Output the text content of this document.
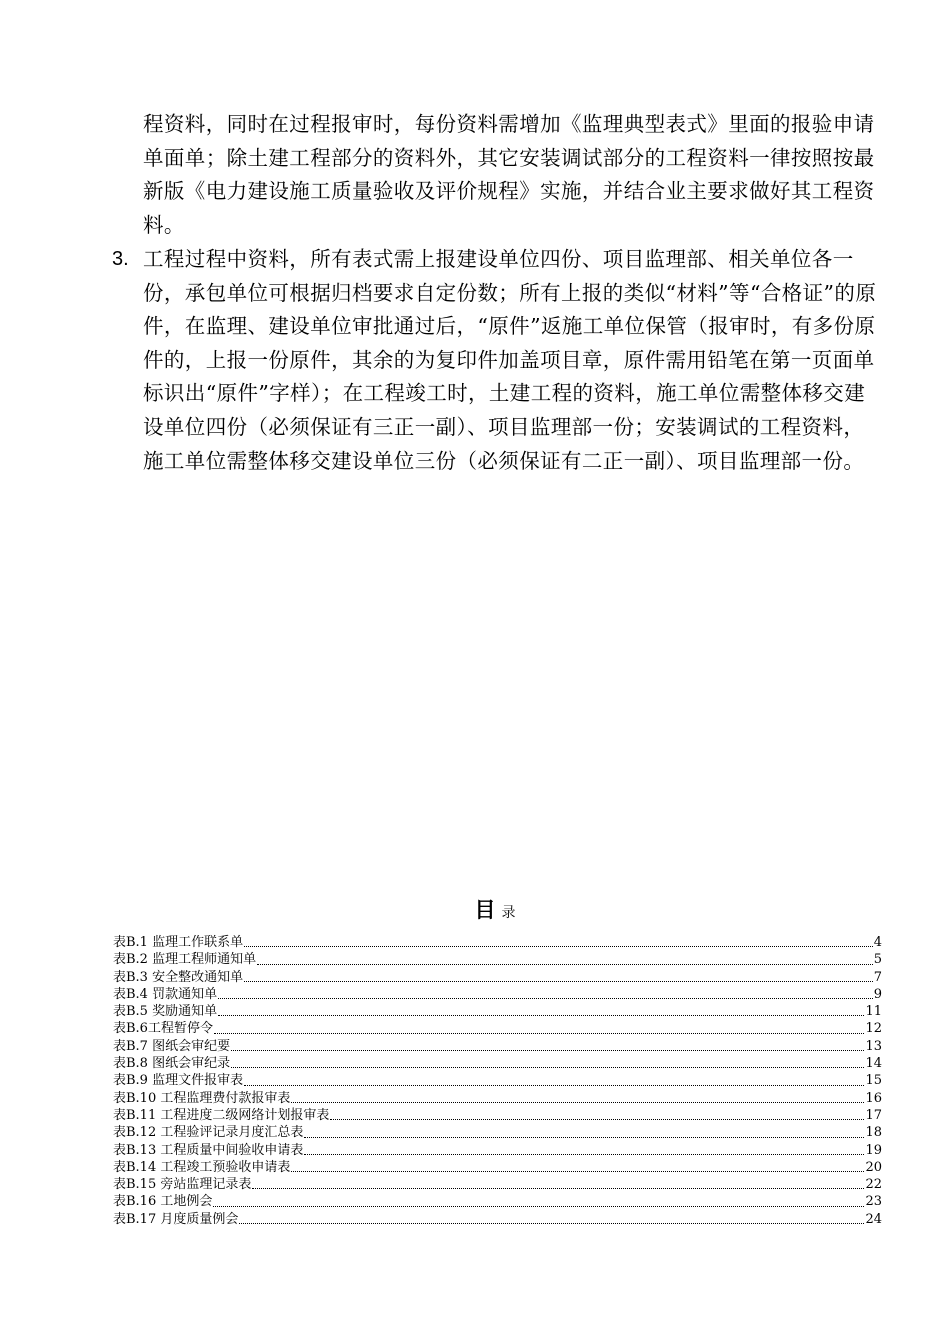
程资料，同时在过程报审时，每份资料需增加《监理典型表式》里面的报验申请单面单；除土建工程部分的资料外，其它安装调试部分的工程资料一律按照按最新版《电力建设施工质量验收及评价规程》实施，并结合业主要求做好其工程资料。
3. 工程过程中资料，所有表式需上报建设单位四份、项目监理部、相关单位各一份，承包单位可根据归档要求自定份数；所有上报的类似“材料”等“合格证”的原件，在监理、建设单位审批通过后，“原件”返施工单位保管（报审时，有多份原件的，上报一份原件，其余的为复印件加盖项目章，原件需用铅笔在第一页面单标识出“原件”字样）；在工程竣工时，土建工程的资料，施工单位需整体移交建设单位四份（必须保证有三正一副）、项目监理部一份；安装调试的工程资料，施工单位需整体移交建设单位三份（必须保证有二正一副）、项目监理部一份。
目录
表B.1 监理工作联系单	4
表B.2 监理工程师通知单	5
表B.3 安全整改通知单	7
表B.4 罚款通知单	9
表B.5 奖励通知单	11
表B.6工程暂停令	12
表B.7 图纸会审纪要	13
表B.8 图纸会审纪录	14
表B.9 监理文件报审表	15
表B.10 工程监理费付款报审表	16
表B.11 工程进度二级网络计划报审表	17
表B.12 工程验评记录月度汇总表	18
表B.13 工程质量中间验收申请表	19
表B.14 工程竣工预验收申请表	20
表B.15 旁站监理记录表	22
表B.16 工地例会	23
表B.17 月度质量例会	24
